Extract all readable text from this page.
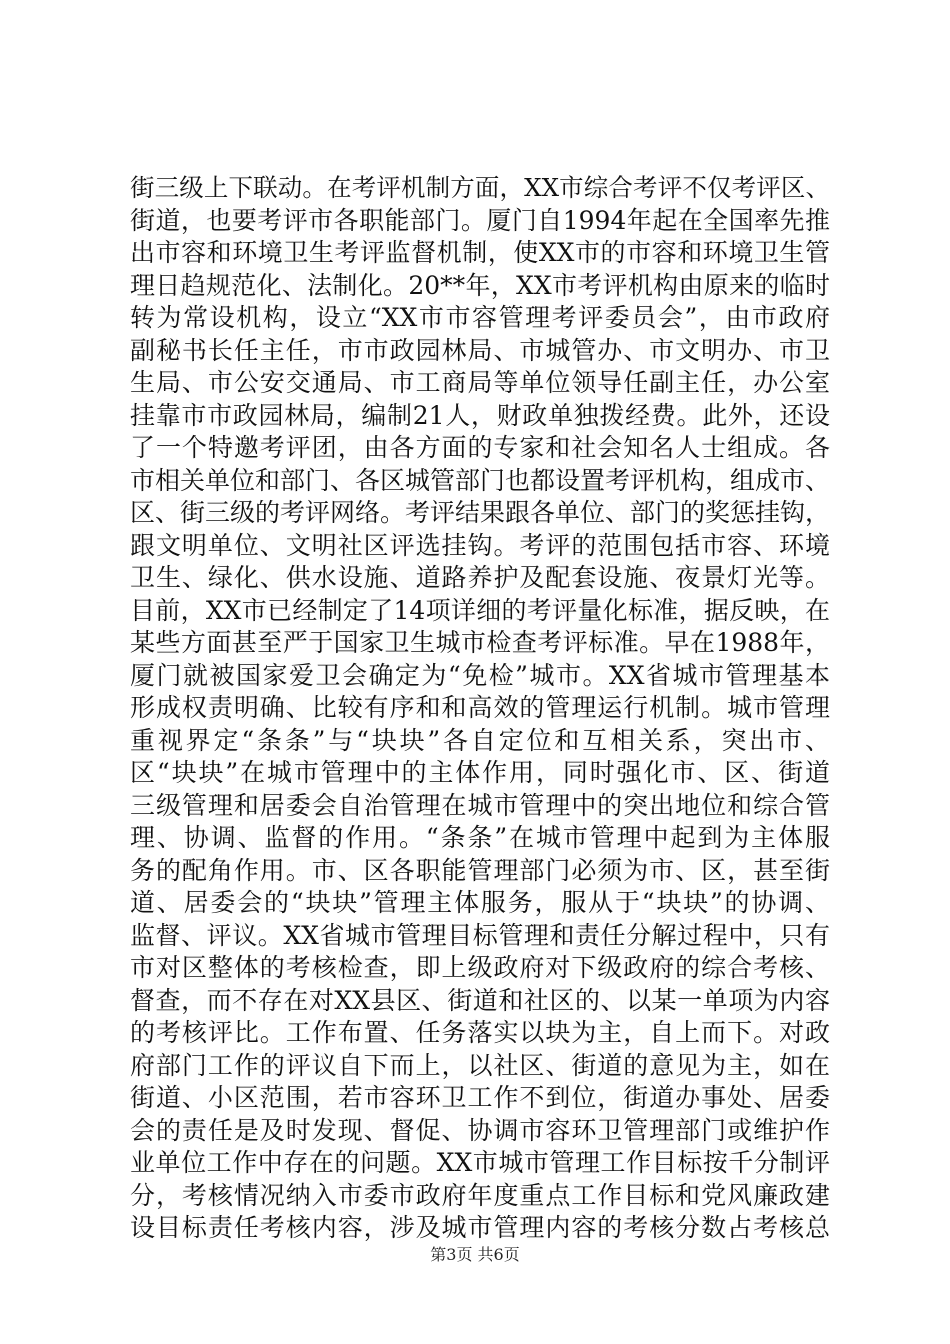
街三级上下联动。在考评机制方面，XX市综合考评不仅考评区、
街道，也要考评市各职能部门。厦门自1994年起在全国率先推
出市容和环境卫生考评监督机制，使XX市的市容和环境卫生管
理日趋规范化、法制化。20**年，XX市考评机构由原来的临时
转为常设机构，设立“XX市市容管理考评委员会”，由市政府
副秘书长任主任，市市政园林局、市城管办、市文明办、市卫
生局、市公安交通局、市工商局等单位领导任副主任，办公室
挂靠市市政园林局，编制21人，财政单独拨经费。此外，还设
了一个特邀考评团，由各方面的专家和社会知名人士组成。各
市相关单位和部门、各区城管部门也都设置考评机构，组成市、
区、街三级的考评网络。考评结果跟各单位、部门的奖惩挂钩，
跟文明单位、文明社区评选挂钩。考评的范围包括市容、环境
卫生、绿化、供水设施、道路养护及配套设施、夜景灯光等。
目前，XX市已经制定了14项详细的考评量化标准，据反映，在
某些方面甚至严于国家卫生城市检查考评标准。早在1988年，
厦门就被国家爱卫会确定为“免检”城市。XX省城市管理基本
形成权责明确、比较有序和和高效的管理运行机制。城市管理
重视界定“条条”与“块块”各自定位和互相关系，突出市、
区“块块”在城市管理中的主体作用，同时强化市、区、街道
三级管理和居委会自治管理在城市管理中的突出地位和综合管
理、协调、监督的作用。“条条”在城市管理中起到为主体服
务的配角作用。市、区各职能管理部门必须为市、区，甚至街
道、居委会的“块块”管理主体服务，服从于“块块”的协调、
监督、评议。XX省城市管理目标管理和责任分解过程中，只有
市对区整体的考核检查，即上级政府对下级政府的综合考核、
督查，而不存在对XX县区、街道和社区的、以某一单项为内容
的考核评比。工作布置、任务落实以块为主，自上而下。对政
府部门工作的评议自下而上，以社区、街道的意见为主，如在
街道、小区范围，若市容环卫工作不到位，街道办事处、居委
会的责任是及时发现、督促、协调市容环卫管理部门或维护作
业单位工作中存在的问题。XX市城市管理工作目标按千分制评
分，考核情况纳入市委市政府年度重点工作目标和党风廉政建
设目标责任考核内容，涉及城市管理内容的考核分数占考核总
第3页 共6页
